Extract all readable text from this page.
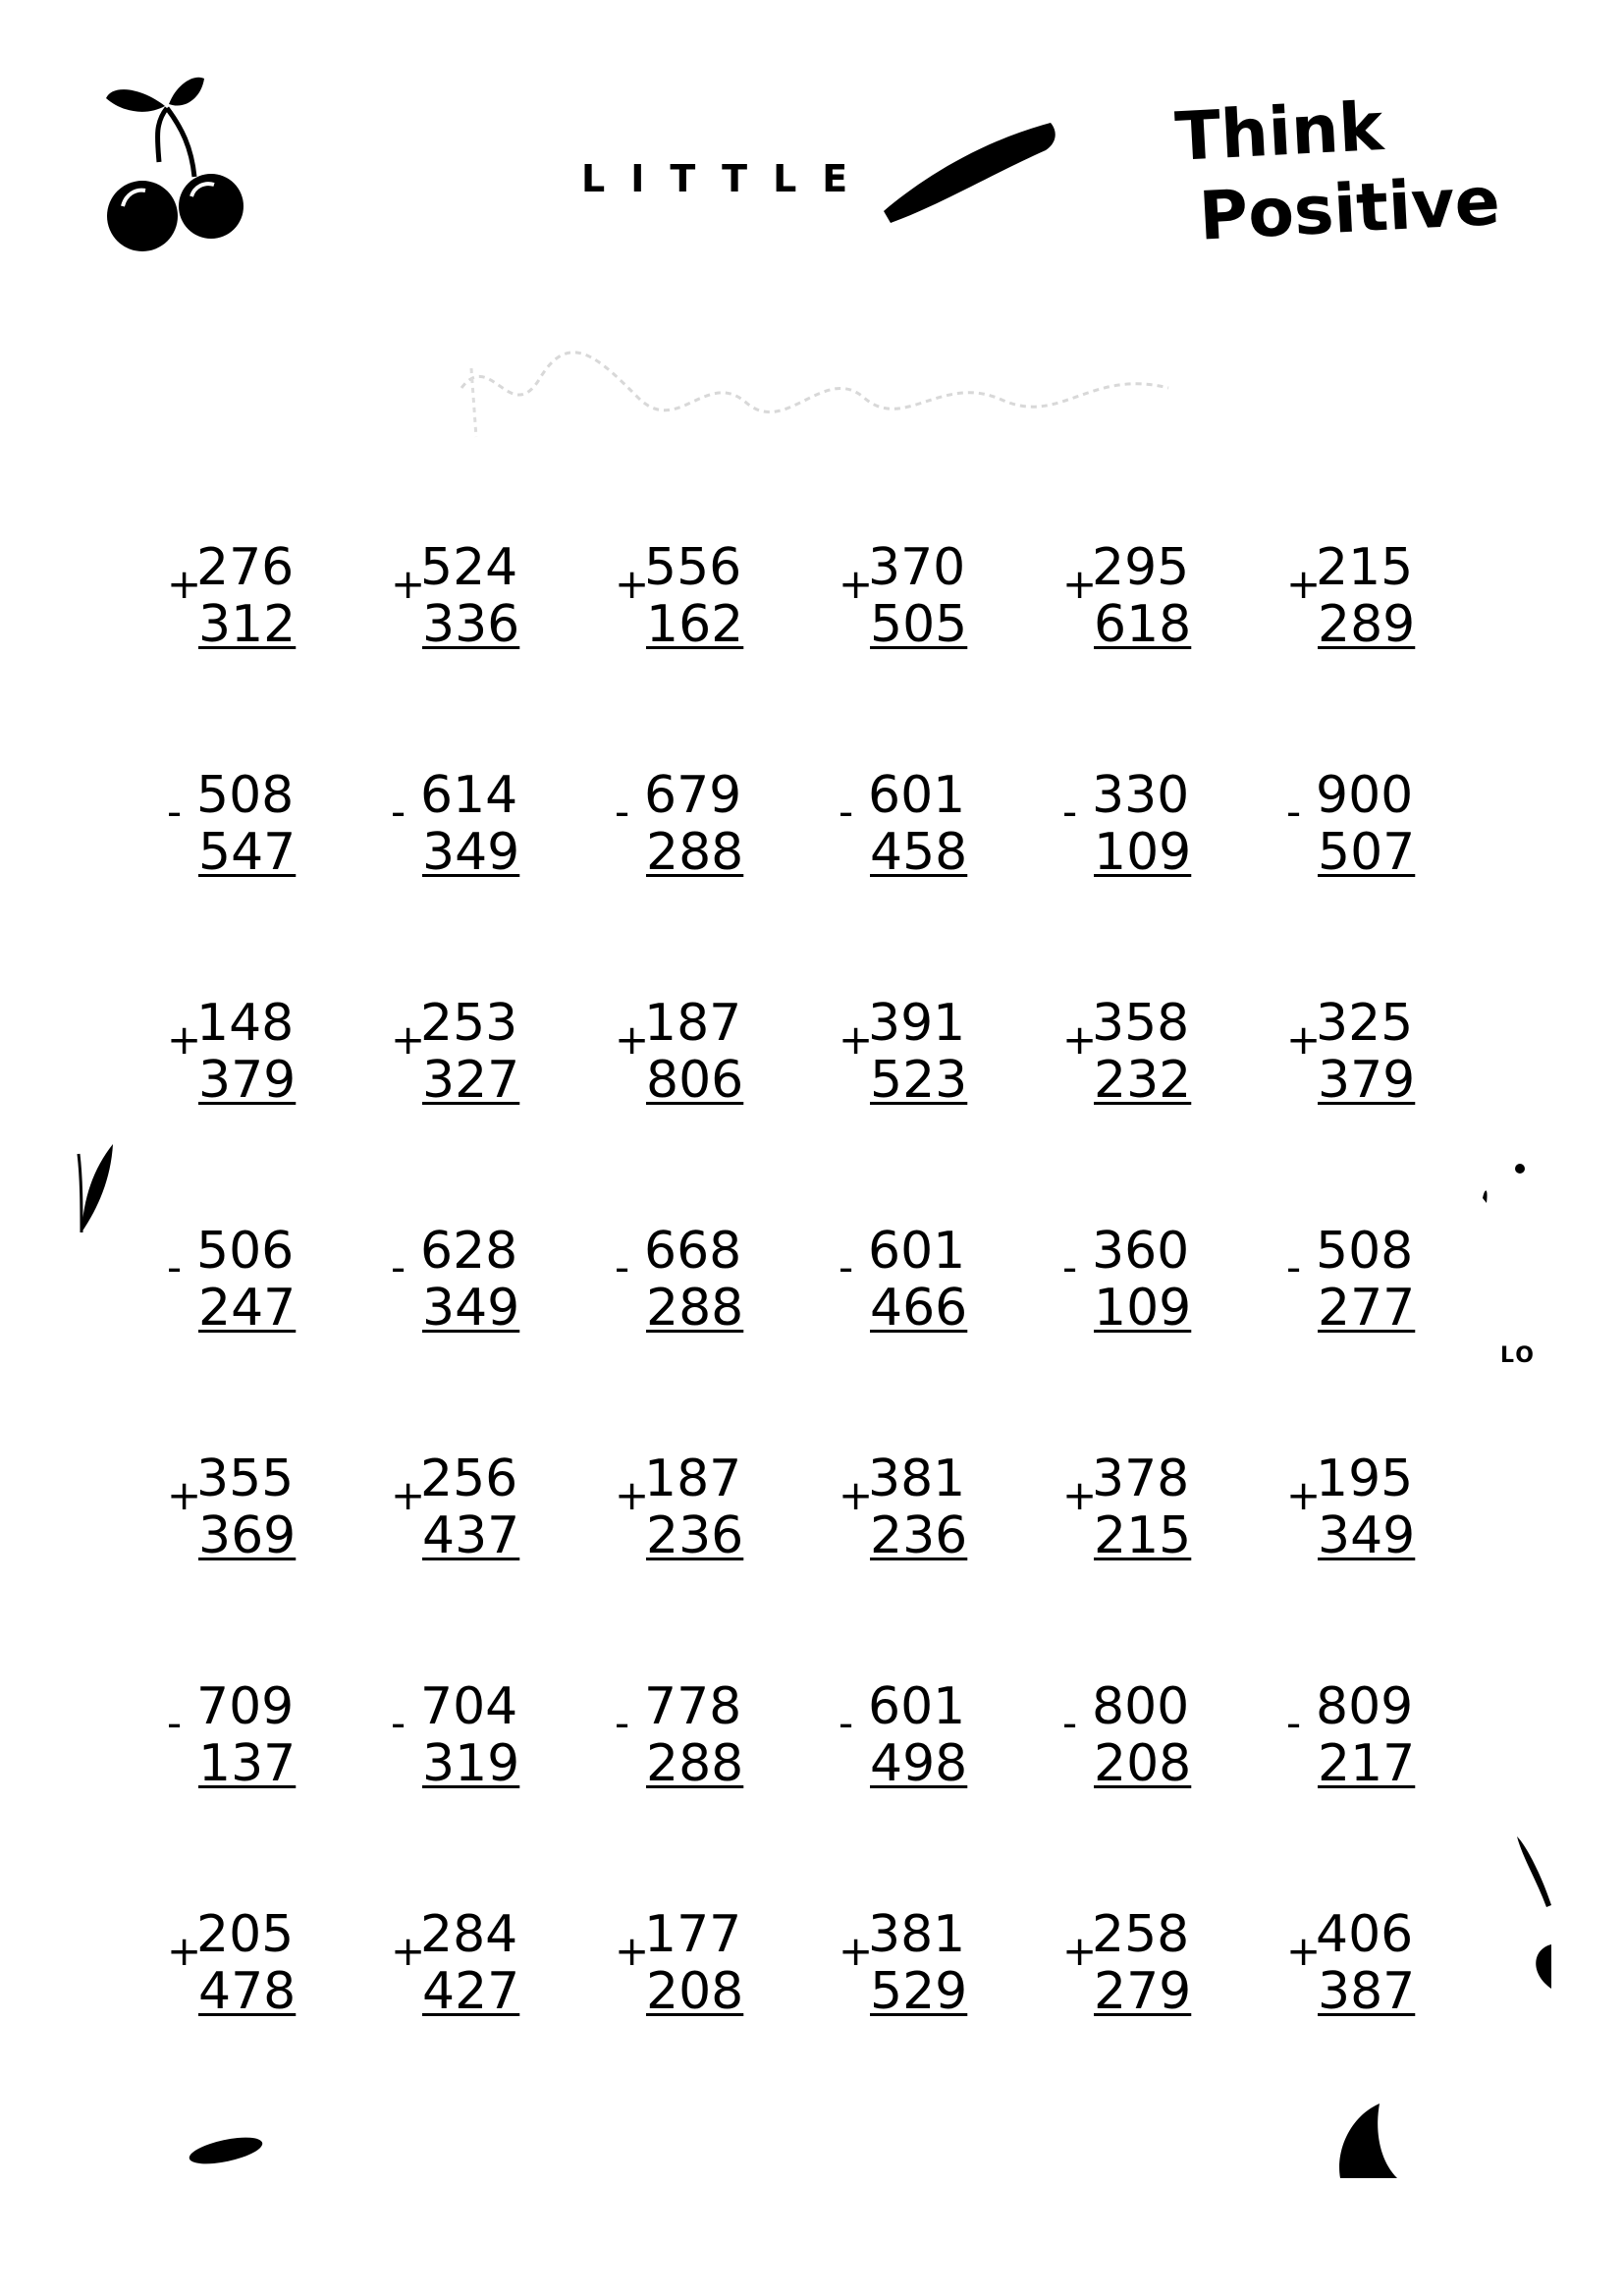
LITTLE
Think
Positive
+
276
312
+
524
336
+
556
162
+
370
505
+
295
618
+
215
289
- 508
547
- 614
349
- 679
288
- 601
458
- 330
109
- 900
507
+
148
379
+
253
327
+
187
806
+
391
523
+
358
232
+
325
379
- 506
247
- 628
349
- 668
288
- 601
466
- 360
109
- 508
277
+
355
369
+
256
437
+
187
236
+
381
236
+
378
215
+
195
349
- 709
137
- 704
319
- 778
288
- 601
498
- 800
208
- 809
217
+
205
478
+
284
427
+
177
208
+
381
529
+
258
279
+
406
387
LO
